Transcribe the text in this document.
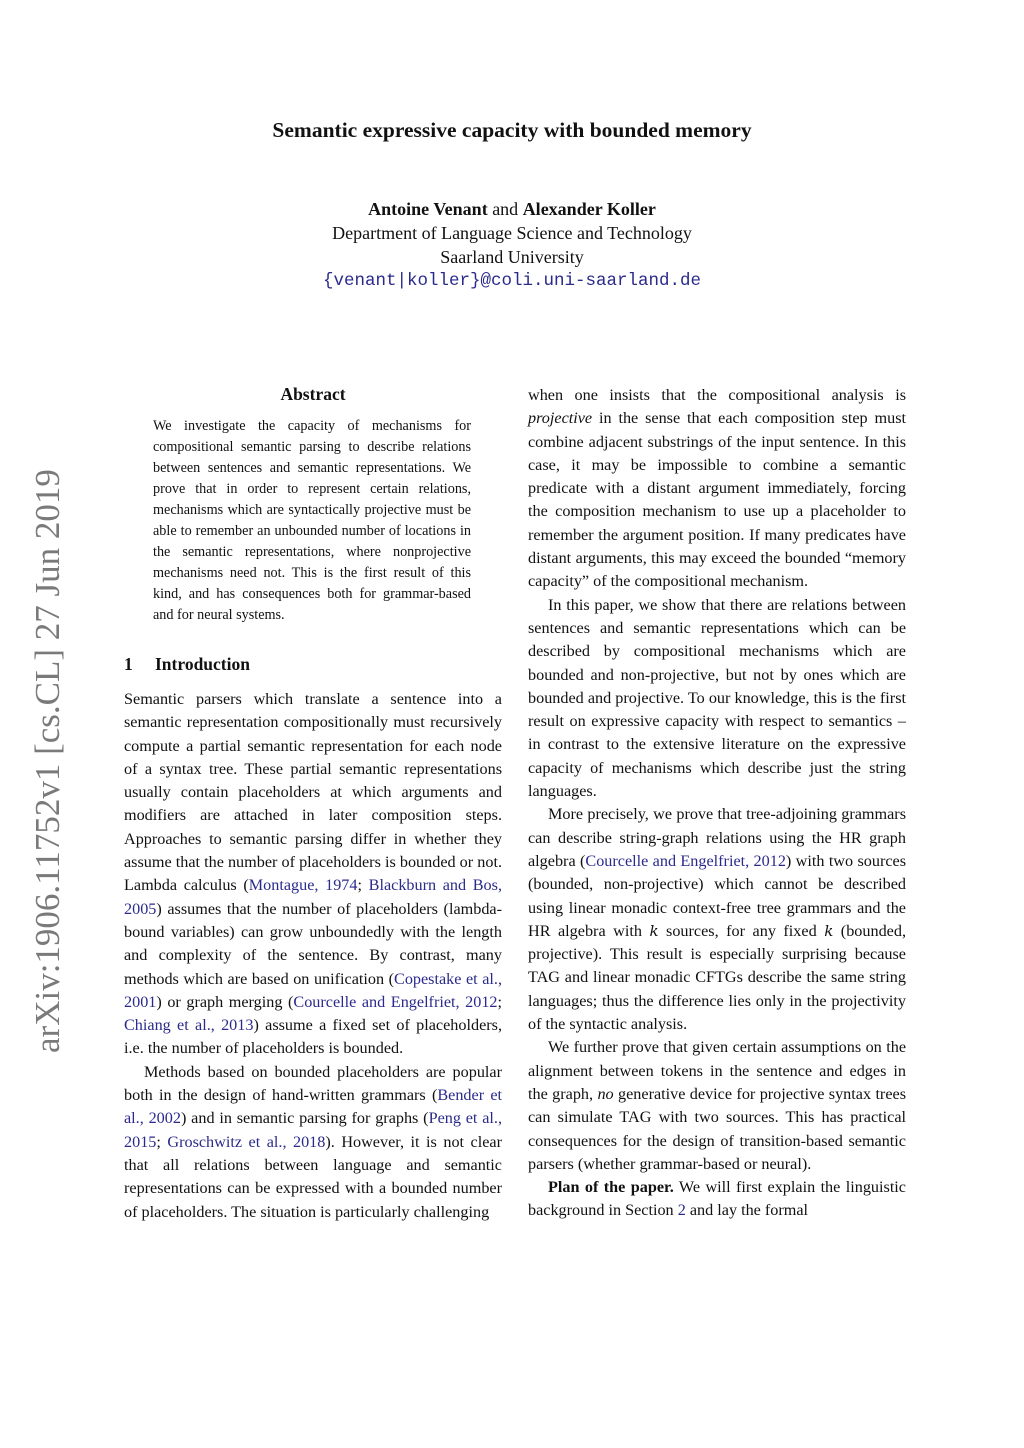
Semantic expressive capacity with bounded memory
Antoine Venant and Alexander Koller
Department of Language Science and Technology
Saarland University
{venant|koller}@coli.uni-saarland.de
arXiv:1906.11752v1 [cs.CL] 27 Jun 2019
Abstract
We investigate the capacity of mechanisms for compositional semantic parsing to describe relations between sentences and semantic representations. We prove that in order to represent certain relations, mechanisms which are syntactically projective must be able to remember an unbounded number of locations in the semantic representations, where nonprojective mechanisms need not. This is the first result of this kind, and has consequences both for grammar-based and for neural systems.
1 Introduction

Semantic parsers which translate a sentence into a semantic representation compositionally must recursively compute a partial semantic representation for each node of a syntax tree. These partial semantic representations usually contain placeholders at which arguments and modifiers are attached in later composition steps. Approaches to semantic parsing differ in whether they assume that the number of placeholders is bounded or not. Lambda calculus (Montague, 1974; Blackburn and Bos, 2005) assumes that the number of placeholders (lambda-bound variables) can grow unboundedly with the length and complexity of the sentence. By contrast, many methods which are based on unification (Copestake et al., 2001) or graph merging (Courcelle and Engelfriet, 2012; Chiang et al., 2013) assume a fixed set of placeholders, i.e. the number of placeholders is bounded.

Methods based on bounded placeholders are popular both in the design of hand-written grammars (Bender et al., 2002) and in semantic parsing for graphs (Peng et al., 2015; Groschwitz et al., 2018). However, it is not clear that all relations between language and semantic representations can be expressed with a bounded number of placeholders. The situation is particularly challenging

when one insists that the compositional analysis is projective in the sense that each composition step must combine adjacent substrings of the input sentence. In this case, it may be impossible to combine a semantic predicate with a distant argument immediately, forcing the composition mechanism to use up a placeholder to remember the argument position. If many predicates have distant arguments, this may exceed the bounded “memory capacity” of the compositional mechanism.

In this paper, we show that there are relations between sentences and semantic representations which can be described by compositional mechanisms which are bounded and non-projective, but not by ones which are bounded and projective. To our knowledge, this is the first result on expressive capacity with respect to semantics – in contrast to the extensive literature on the expressive capacity of mechanisms which describe just the string languages.

More precisely, we prove that tree-adjoining grammars can describe string-graph relations using the HR graph algebra (Courcelle and Engelfriet, 2012) with two sources (bounded, non-projective) which cannot be described using linear monadic context-free tree grammars and the HR algebra with k sources, for any fixed k (bounded, projective). This result is especially surprising because TAG and linear monadic CFTGs describe the same string languages; thus the difference lies only in the projectivity of the syntactic analysis.

We further prove that given certain assumptions on the alignment between tokens in the sentence and edges in the graph, no generative device for projective syntax trees can simulate TAG with two sources. This has practical consequences for the design of transition-based semantic parsers (whether grammar-based or neural).

Plan of the paper. We will first explain the linguistic background in Section 2 and lay the formal
